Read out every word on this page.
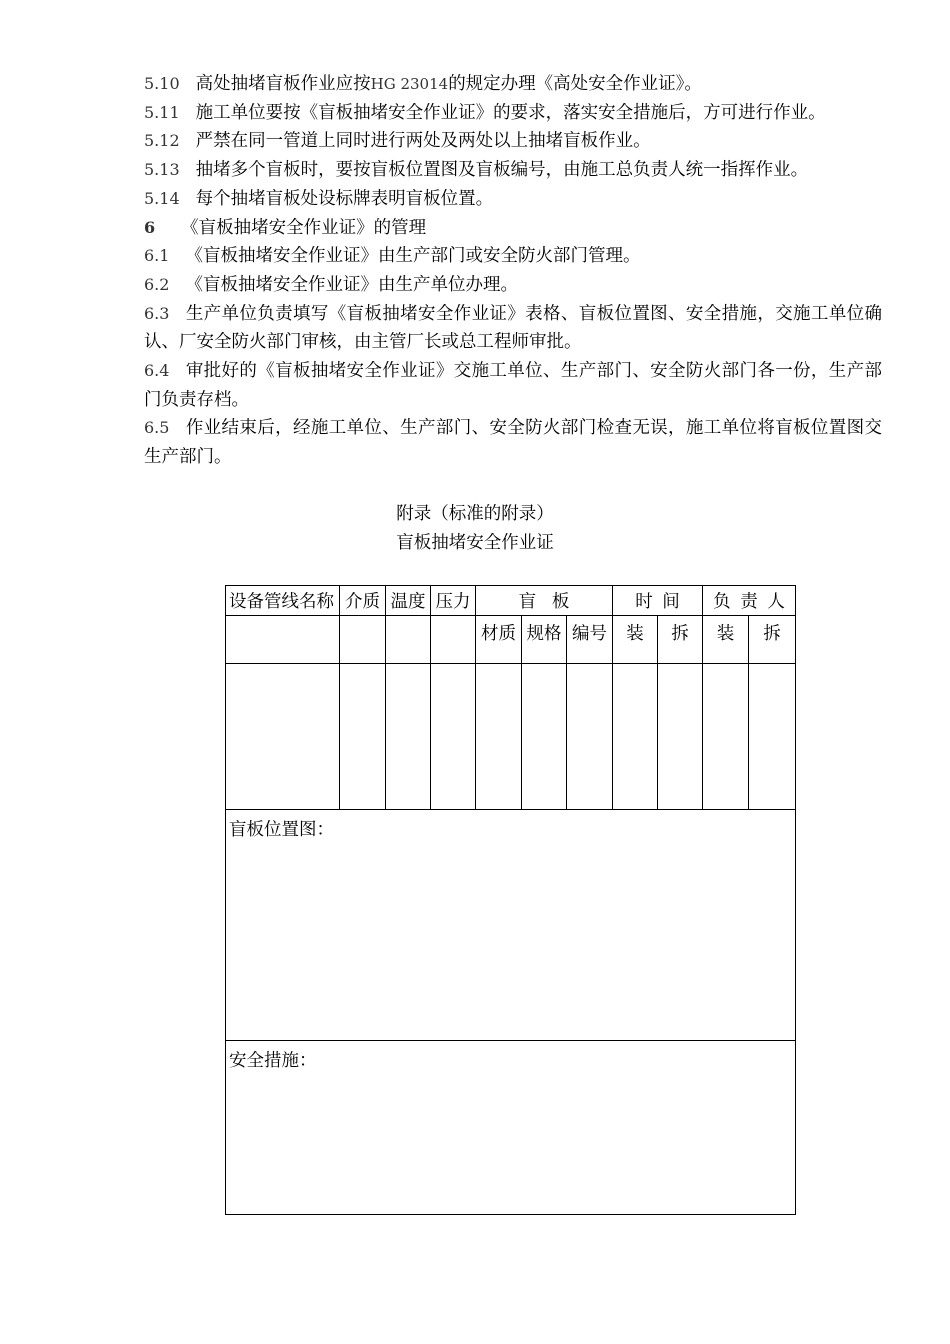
5.10 高处抽堵盲板作业应按HG 23014的规定办理《高处安全作业证》。

5.11 施工单位要按《盲板抽堵安全作业证》的要求，落实安全措施后，方可进行作业。

5.12 严禁在同一管道上同时进行两处及两处以上抽堵盲板作业。

5.13 抽堵多个盲板时，要按盲板位置图及盲板编号，由施工总负责人统一指挥作业。

5.14 每个抽堵盲板处设标牌表明盲板位置。

6 《盲板抽堵安全作业证》的管理

6.1 《盲板抽堵安全作业证》由生产部门或安全防火部门管理。

6.2 《盲板抽堵安全作业证》由生产单位办理。

6.3 生产单位负责填写《盲板抽堵安全作业证》表格、盲板位置图、安全措施，交施工单位确认、厂安全防火部门审核，由主管厂长或总工程师审批。

6.4 审批好的《盲板抽堵安全作业证》交施工单位、生产部门、安全防火部门各一份，生产部门负责存档。

6.5 作业结束后，经施工单位、生产部门、安全防火部门检查无误，施工单位将盲板位置图交生产部门。

附录（标准的附录）
盲板抽堵安全作业证
设备管线名称	介质	温度	压力	盲板			时间		负责人	
				材质	规格	编号	装	拆	装	拆

盲板位置图：										
安全措施：										
